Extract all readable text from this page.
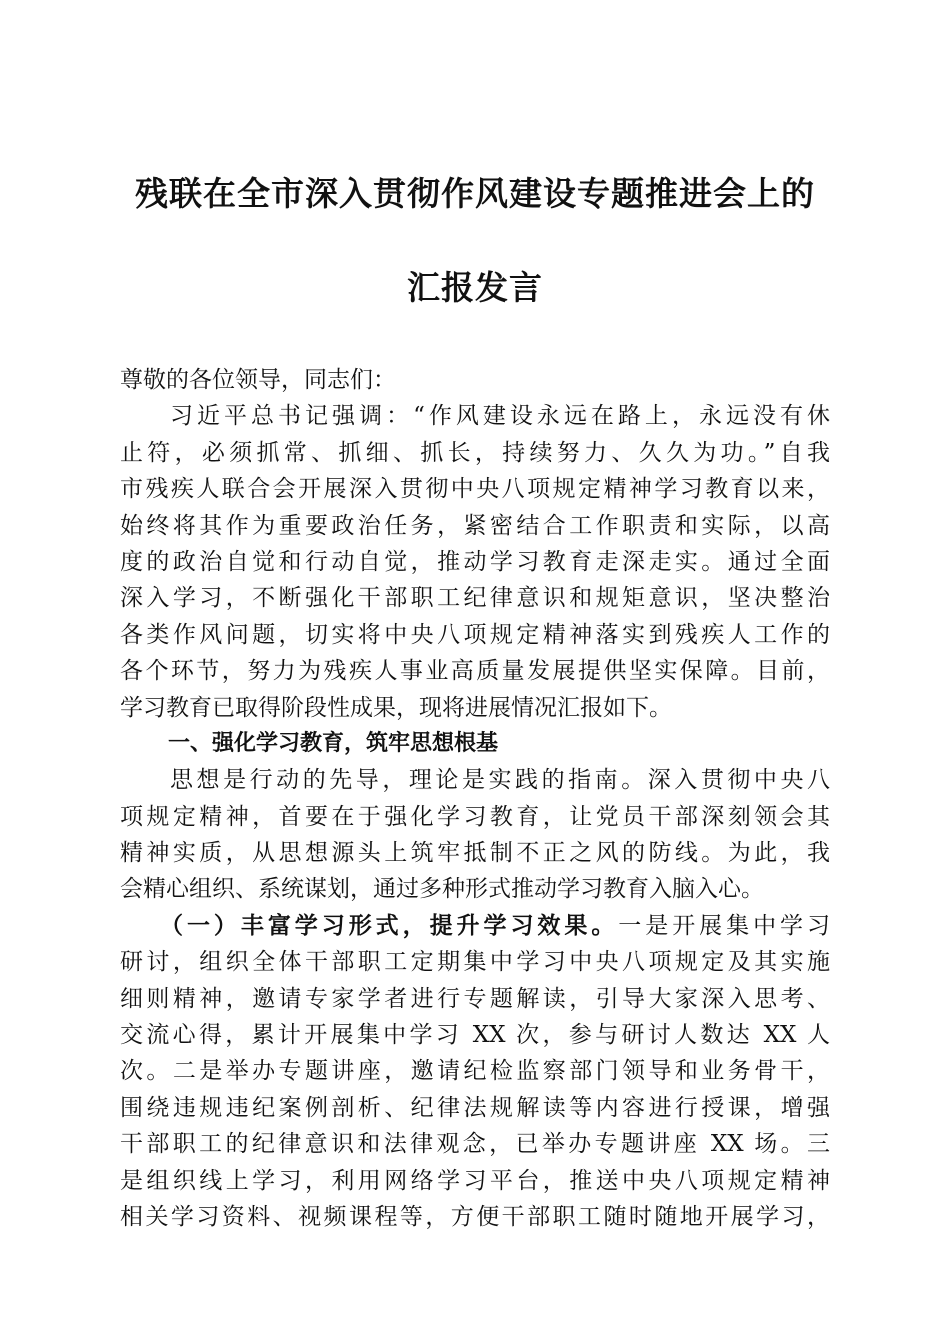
残联在全市深入贯彻作风建设专题推进会上的
汇报发言
尊敬的各位领导，同志们：
习近平总书记强调：“作风建设永远在路上，永远没有休
止符，必须抓常、抓细、抓长，持续努力、久久为功。”自我
市残疾人联合会开展深入贯彻中央八项规定精神学习教育以来，
始终将其作为重要政治任务，紧密结合工作职责和实际，以高
度的政治自觉和行动自觉，推动学习教育走深走实。通过全面
深入学习，不断强化干部职工纪律意识和规矩意识，坚决整治
各类作风问题，切实将中央八项规定精神落实到残疾人工作的
各个环节，努力为残疾人事业高质量发展提供坚实保障。目前，
学习教育已取得阶段性成果，现将进展情况汇报如下。
一、强化学习教育，筑牢思想根基
思想是行动的先导，理论是实践的指南。深入贯彻中央八
项规定精神，首要在于强化学习教育，让党员干部深刻领会其
精神实质，从思想源头上筑牢抵制不正之风的防线。为此，我
会精心组织、系统谋划，通过多种形式推动学习教育入脑入心。
（一）丰富学习形式，提升学习效果。一是开展集中学习
研讨，组织全体干部职工定期集中学习中央八项规定及其实施
细则精神，邀请专家学者进行专题解读，引导大家深入思考、
交流心得，累计开展集中学习 XX 次，参与研讨人数达 XX 人
次。二是举办专题讲座，邀请纪检监察部门领导和业务骨干，
围绕违规违纪案例剖析、纪律法规解读等内容进行授课，增强
干部职工的纪律意识和法律观念，已举办专题讲座 XX 场。三
是组织线上学习，利用网络学习平台，推送中央八项规定精神
相关学习资料、视频课程等，方便干部职工随时随地开展学习，
